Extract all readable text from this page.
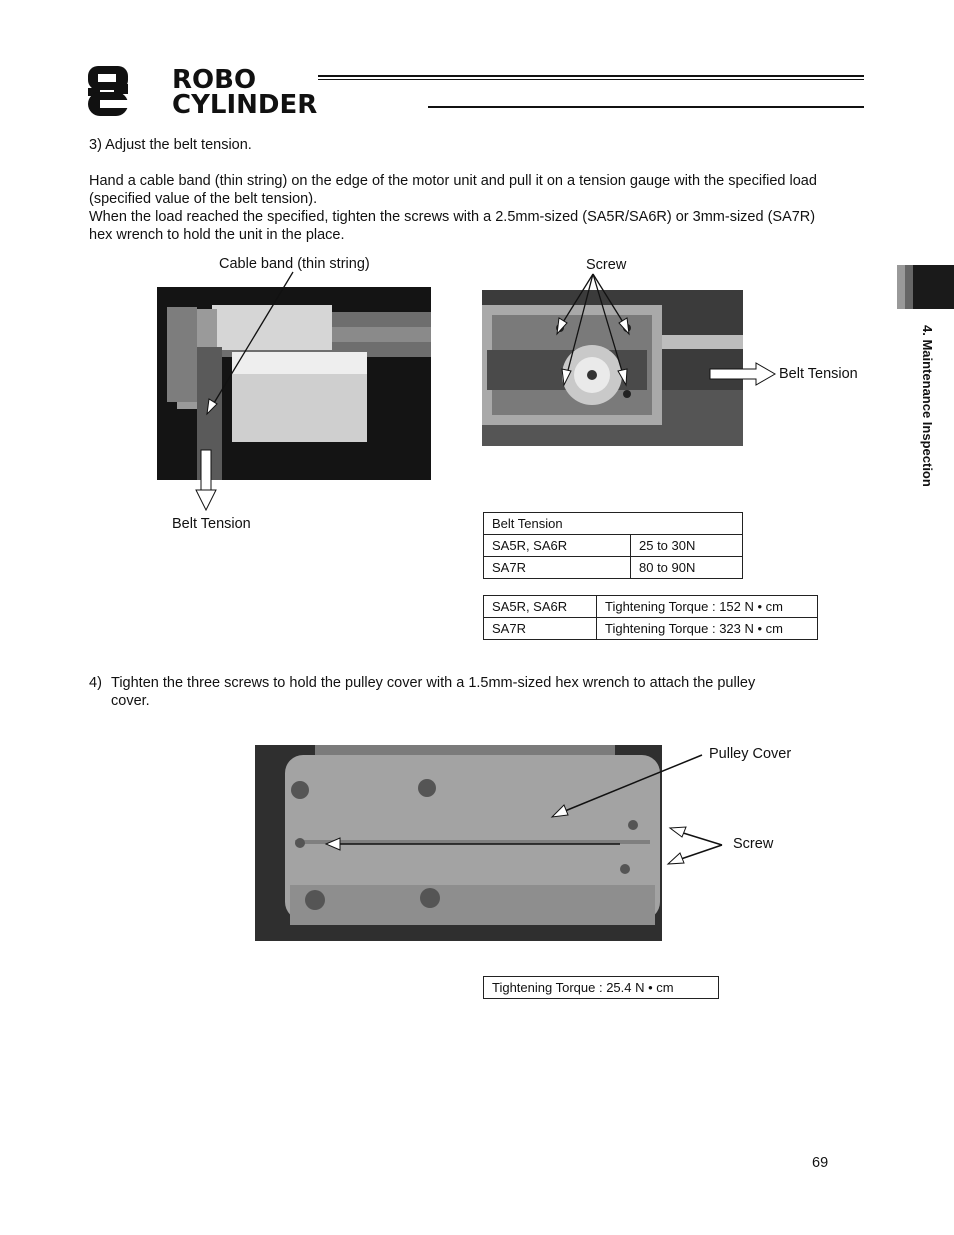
ROBO
CYLINDER
4. Maintenance Inspection
3) Adjust the belt tension.
Hand a cable band (thin string) on the edge of the motor unit and pull it on a tension gauge with the specified load (specified value of the belt tension).
When the load reached the specified, tighten the screws with a 2.5mm-sized (SA5R/SA6R) or 3mm-sized (SA7R) hex wrench to hold the unit in the place.
Cable band (thin string)
Belt Tension
Screw
Belt Tension
Belt Tension	
SA5R, SA6R	25 to 30N
SA7R	80 to 90N
SA5R, SA6R	Tightening Torque : 152 N • cm
SA7R	Tightening Torque : 323 N • cm
4) Tighten the three screws to hold the pulley cover with a 1.5mm-sized hex wrench to attach the pulley
cover.
Pulley Cover
Screw
Tightening Torque : 25.4 N • cm
69
